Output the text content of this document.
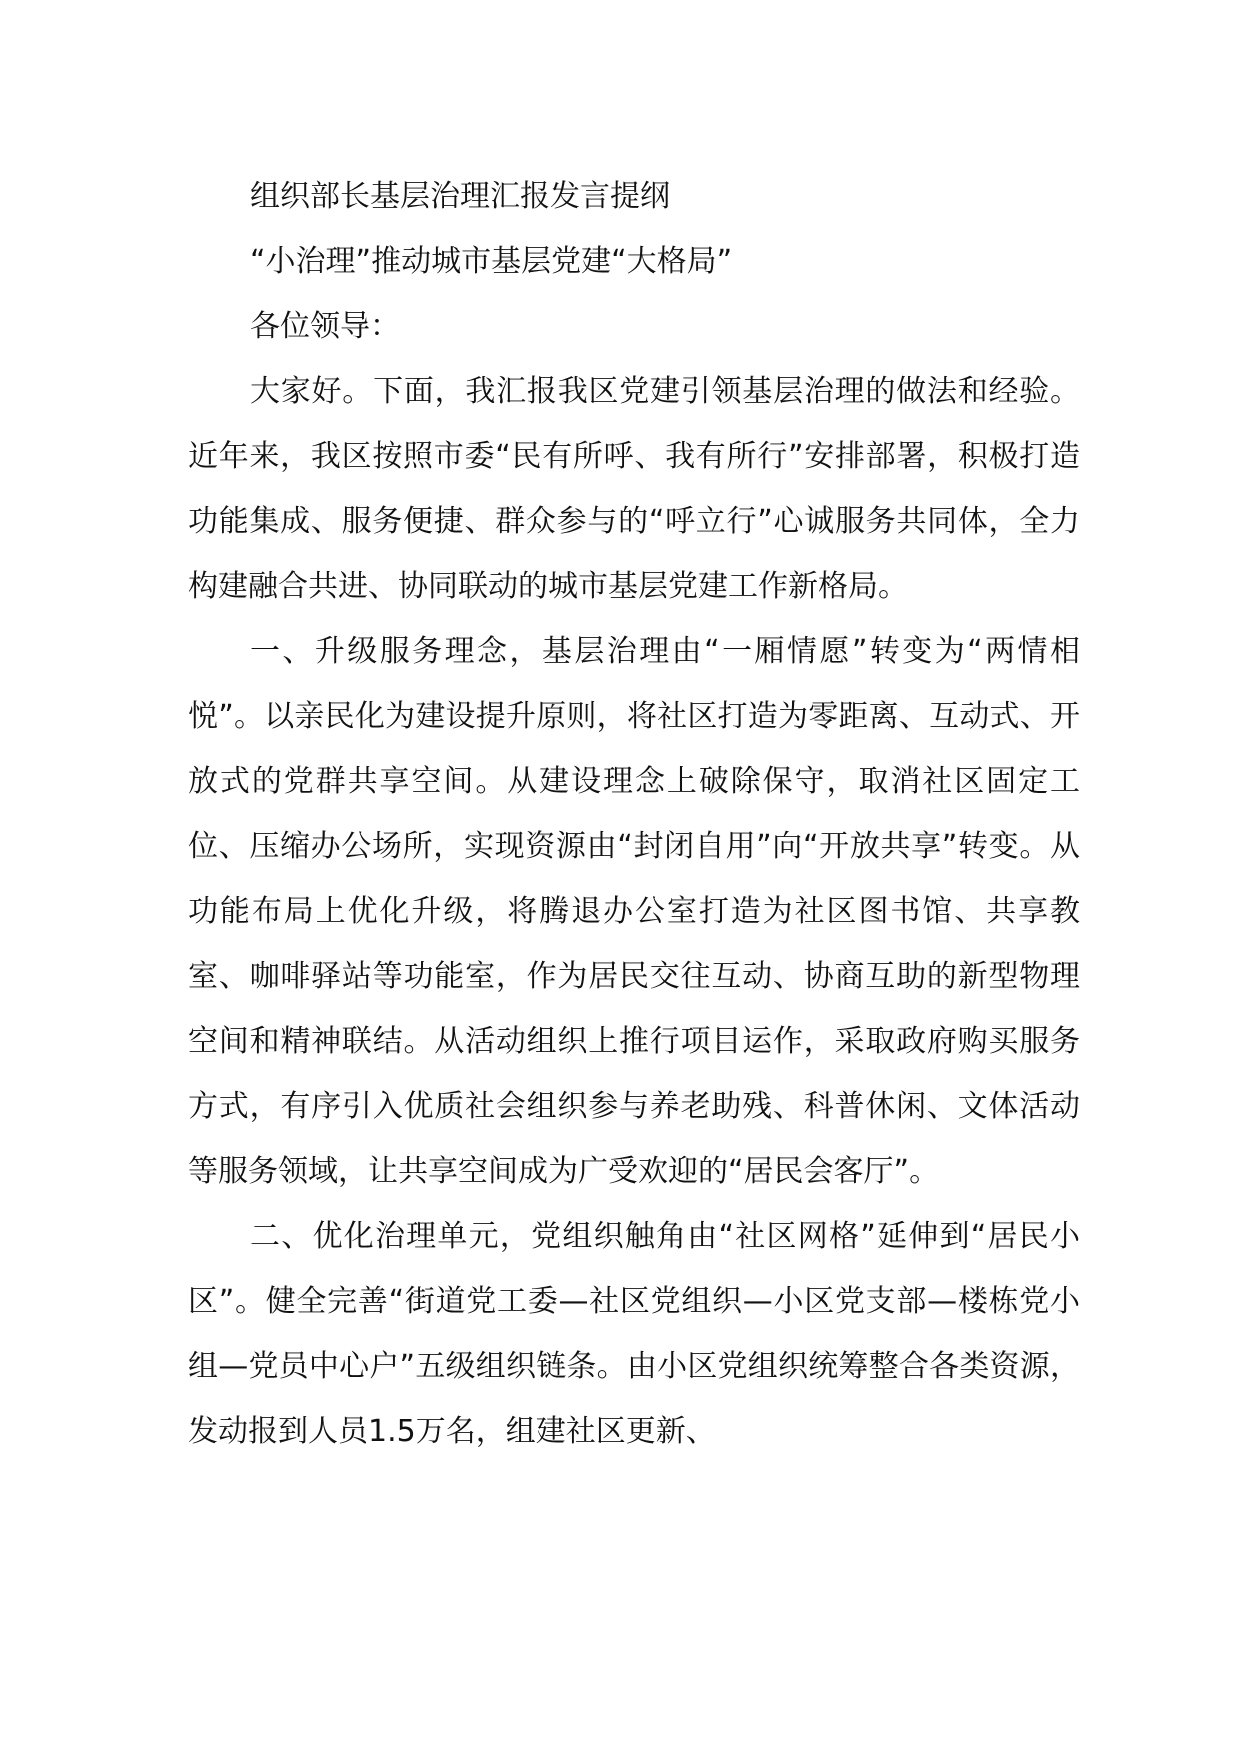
组织部长基层治理汇报发言提纲

“小治理”推动城市基层党建“大格局”

各位领导：

大家好。下面，我汇报我区党建引领基层治理的做法和经验。近年来，我区按照市委“民有所呼、我有所行”安排部署，积极打造功能集成、服务便捷、群众参与的“呼立行”心诚服务共同体，全力构建融合共进、协同联动的城市基层党建工作新格局。

一、升级服务理念，基层治理由“一厢情愿”转变为“两情相悦”。以亲民化为建设提升原则，将社区打造为零距离、互动式、开放式的党群共享空间。从建设理念上破除保守，取消社区固定工位、压缩办公场所，实现资源由“封闭自用”向“开放共享”转变。从功能布局上优化升级，将腾退办公室打造为社区图书馆、共享教室、咖啡驿站等功能室，作为居民交往互动、协商互助的新型物理空间和精神联结。从活动组织上推行项目运作，采取政府购买服务方式，有序引入优质社会组织参与养老助残、科普休闲、文体活动等服务领域，让共享空间成为广受欢迎的“居民会客厅”。

二、优化治理单元，党组织触角由“社区网格”延伸到“居民小区”。健全完善“街道党工委—社区党组织—小区党支部—楼栋党小组—党员中心户”五级组织链条。由小区党组织统筹整合各类资源，发动报到人员1.5万名，组建社区更新、
